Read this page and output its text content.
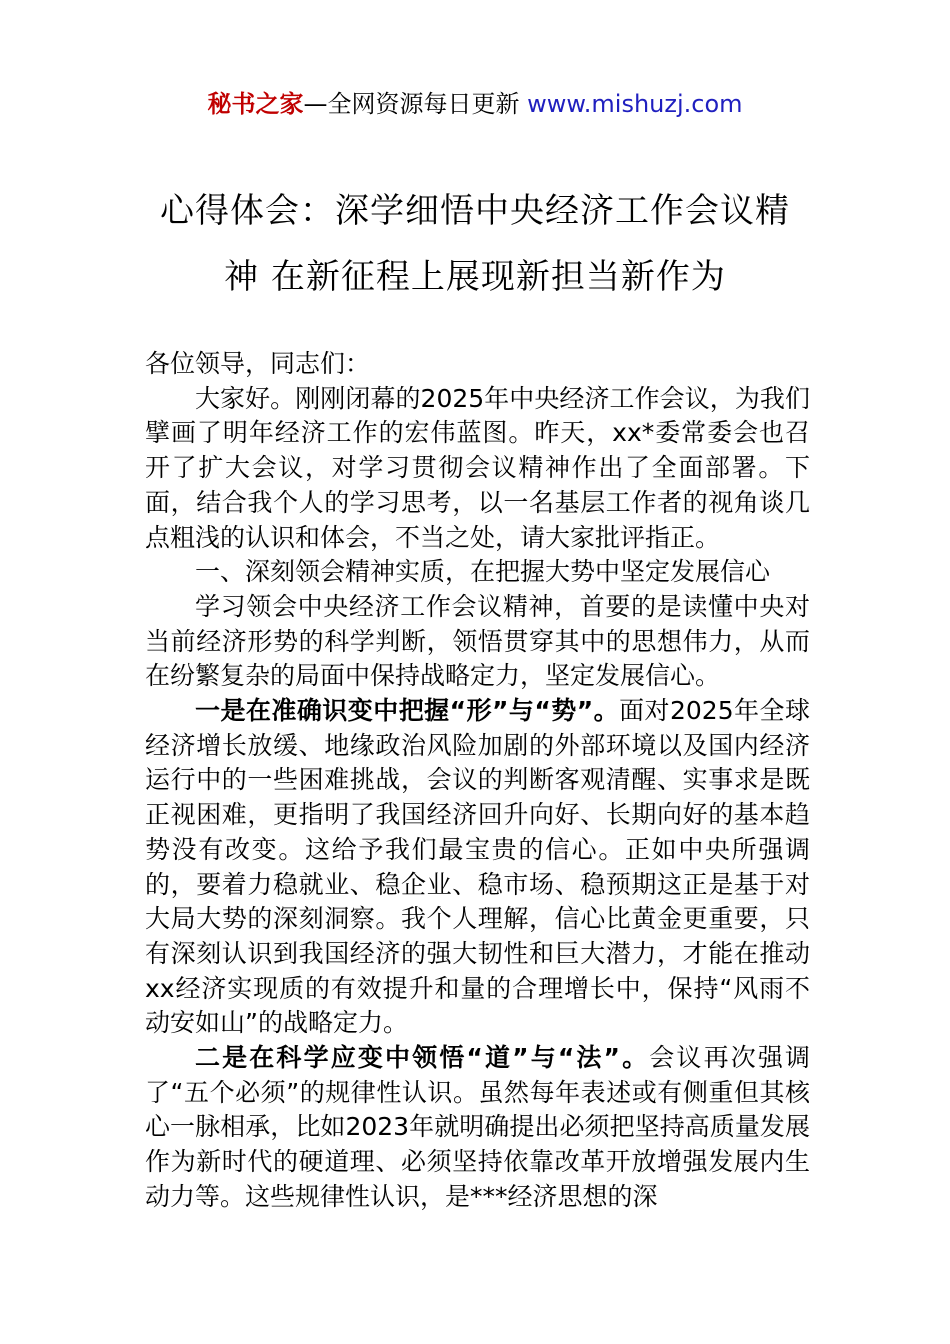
秘书之家—全网资源每日更新 www.mishuzj.com
心得体会：深学细悟中央经济工作会议精
神 在新征程上展现新担当新作为

各位领导，同志们：

大家好。刚刚闭幕的2025年中央经济工作会议，为我们擘画了明年经济工作的宏伟蓝图。昨天，xx*委常委会也召开了扩大会议，对学习贯彻会议精神作出了全面部署。下面，结合我个人的学习思考，以一名基层工作者的视角谈几点粗浅的认识和体会，不当之处，请大家批评指正。

一、深刻领会精神实质，在把握大势中坚定发展信心

学习领会中央经济工作会议精神，首要的是读懂中央对当前经济形势的科学判断，领悟贯穿其中的思想伟力，从而在纷繁复杂的局面中保持战略定力，坚定发展信心。

一是在准确识变中把握“形”与“势”。面对2025年全球经济增长放缓、地缘政治风险加剧的外部环境以及国内经济运行中的一些困难挑战，会议的判断客观清醒、实事求是既正视困难，更指明了我国经济回升向好、长期向好的基本趋势没有改变。这给予我们最宝贵的信心。正如中央所强调的，要着力稳就业、稳企业、稳市场、稳预期这正是基于对大局大势的深刻洞察。我个人理解，信心比黄金更重要，只有深刻认识到我国经济的强大韧性和巨大潜力，才能在推动xx经济实现质的有效提升和量的合理增长中，保持“风雨不动安如山”的战略定力。

二是在科学应变中领悟“道”与“法”。会议再次强调了“五个必须”的规律性认识。虽然每年表述或有侧重但其核心一脉相承，比如2023年就明确提出必须把坚持高质量发展作为新时代的硬道理、必须坚持依靠改革开放增强发展内生动力等。这些规律性认识，是***经济思想的深
